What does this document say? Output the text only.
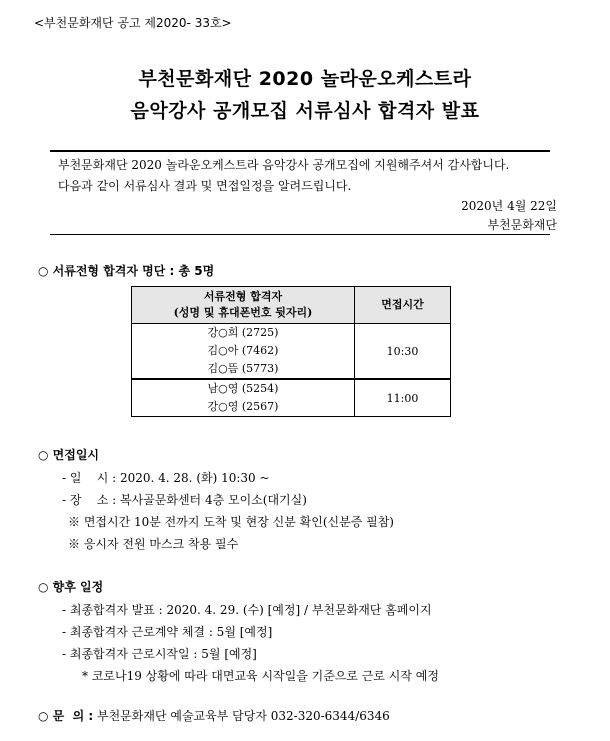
<부천문화재단 공고 제2020- 33호>
부천문화재단 2020 놀라운오케스트라
음악강사 공개모집 서류심사 합격자 발표
부천문화재단 2020 놀라운오케스트라 음악강사 공개모집에 지원해주셔서 감사합니다.
다음과 같이 서류심사 결과 및 면접일정을 알려드립니다.
2020년 4월 22일
부천문화재단
○ 서류전형 합격자 명단 : 총 5명
서류전형 합격자
(성명 및 휴대폰번호 뒷자리)	면접시간

강○희 (2725)
김○아 (7462)
김○뜸 (5773)	10:30

남○영 (5254)
강○영 (2567)	11:00
○ 면접일시
- 일    시 : 2020. 4. 28. (화) 10:30 ~
- 장    소 : 복사골문화센터 4층 모이소(대기실)
※ 면접시간 10분 전까지 도착 및 현장 신분 확인(신분증 필참)
※ 응시자 전원 마스크 착용 필수
○ 향후 일정
- 최종합격자 발표 : 2020. 4. 29. (수) [예정] / 부천문화재단 홈페이지
- 최종합격자 근로계약 체결 : 5월 [예정]
- 최종합격자 근로시작일 : 5월 [예정]
* 코로나19 상황에 따라 대면교육 시작일을 기준으로 근로 시작 예정
○ 문  의 : 부천문화재단 예술교육부 담당자 032-320-6344/6346
